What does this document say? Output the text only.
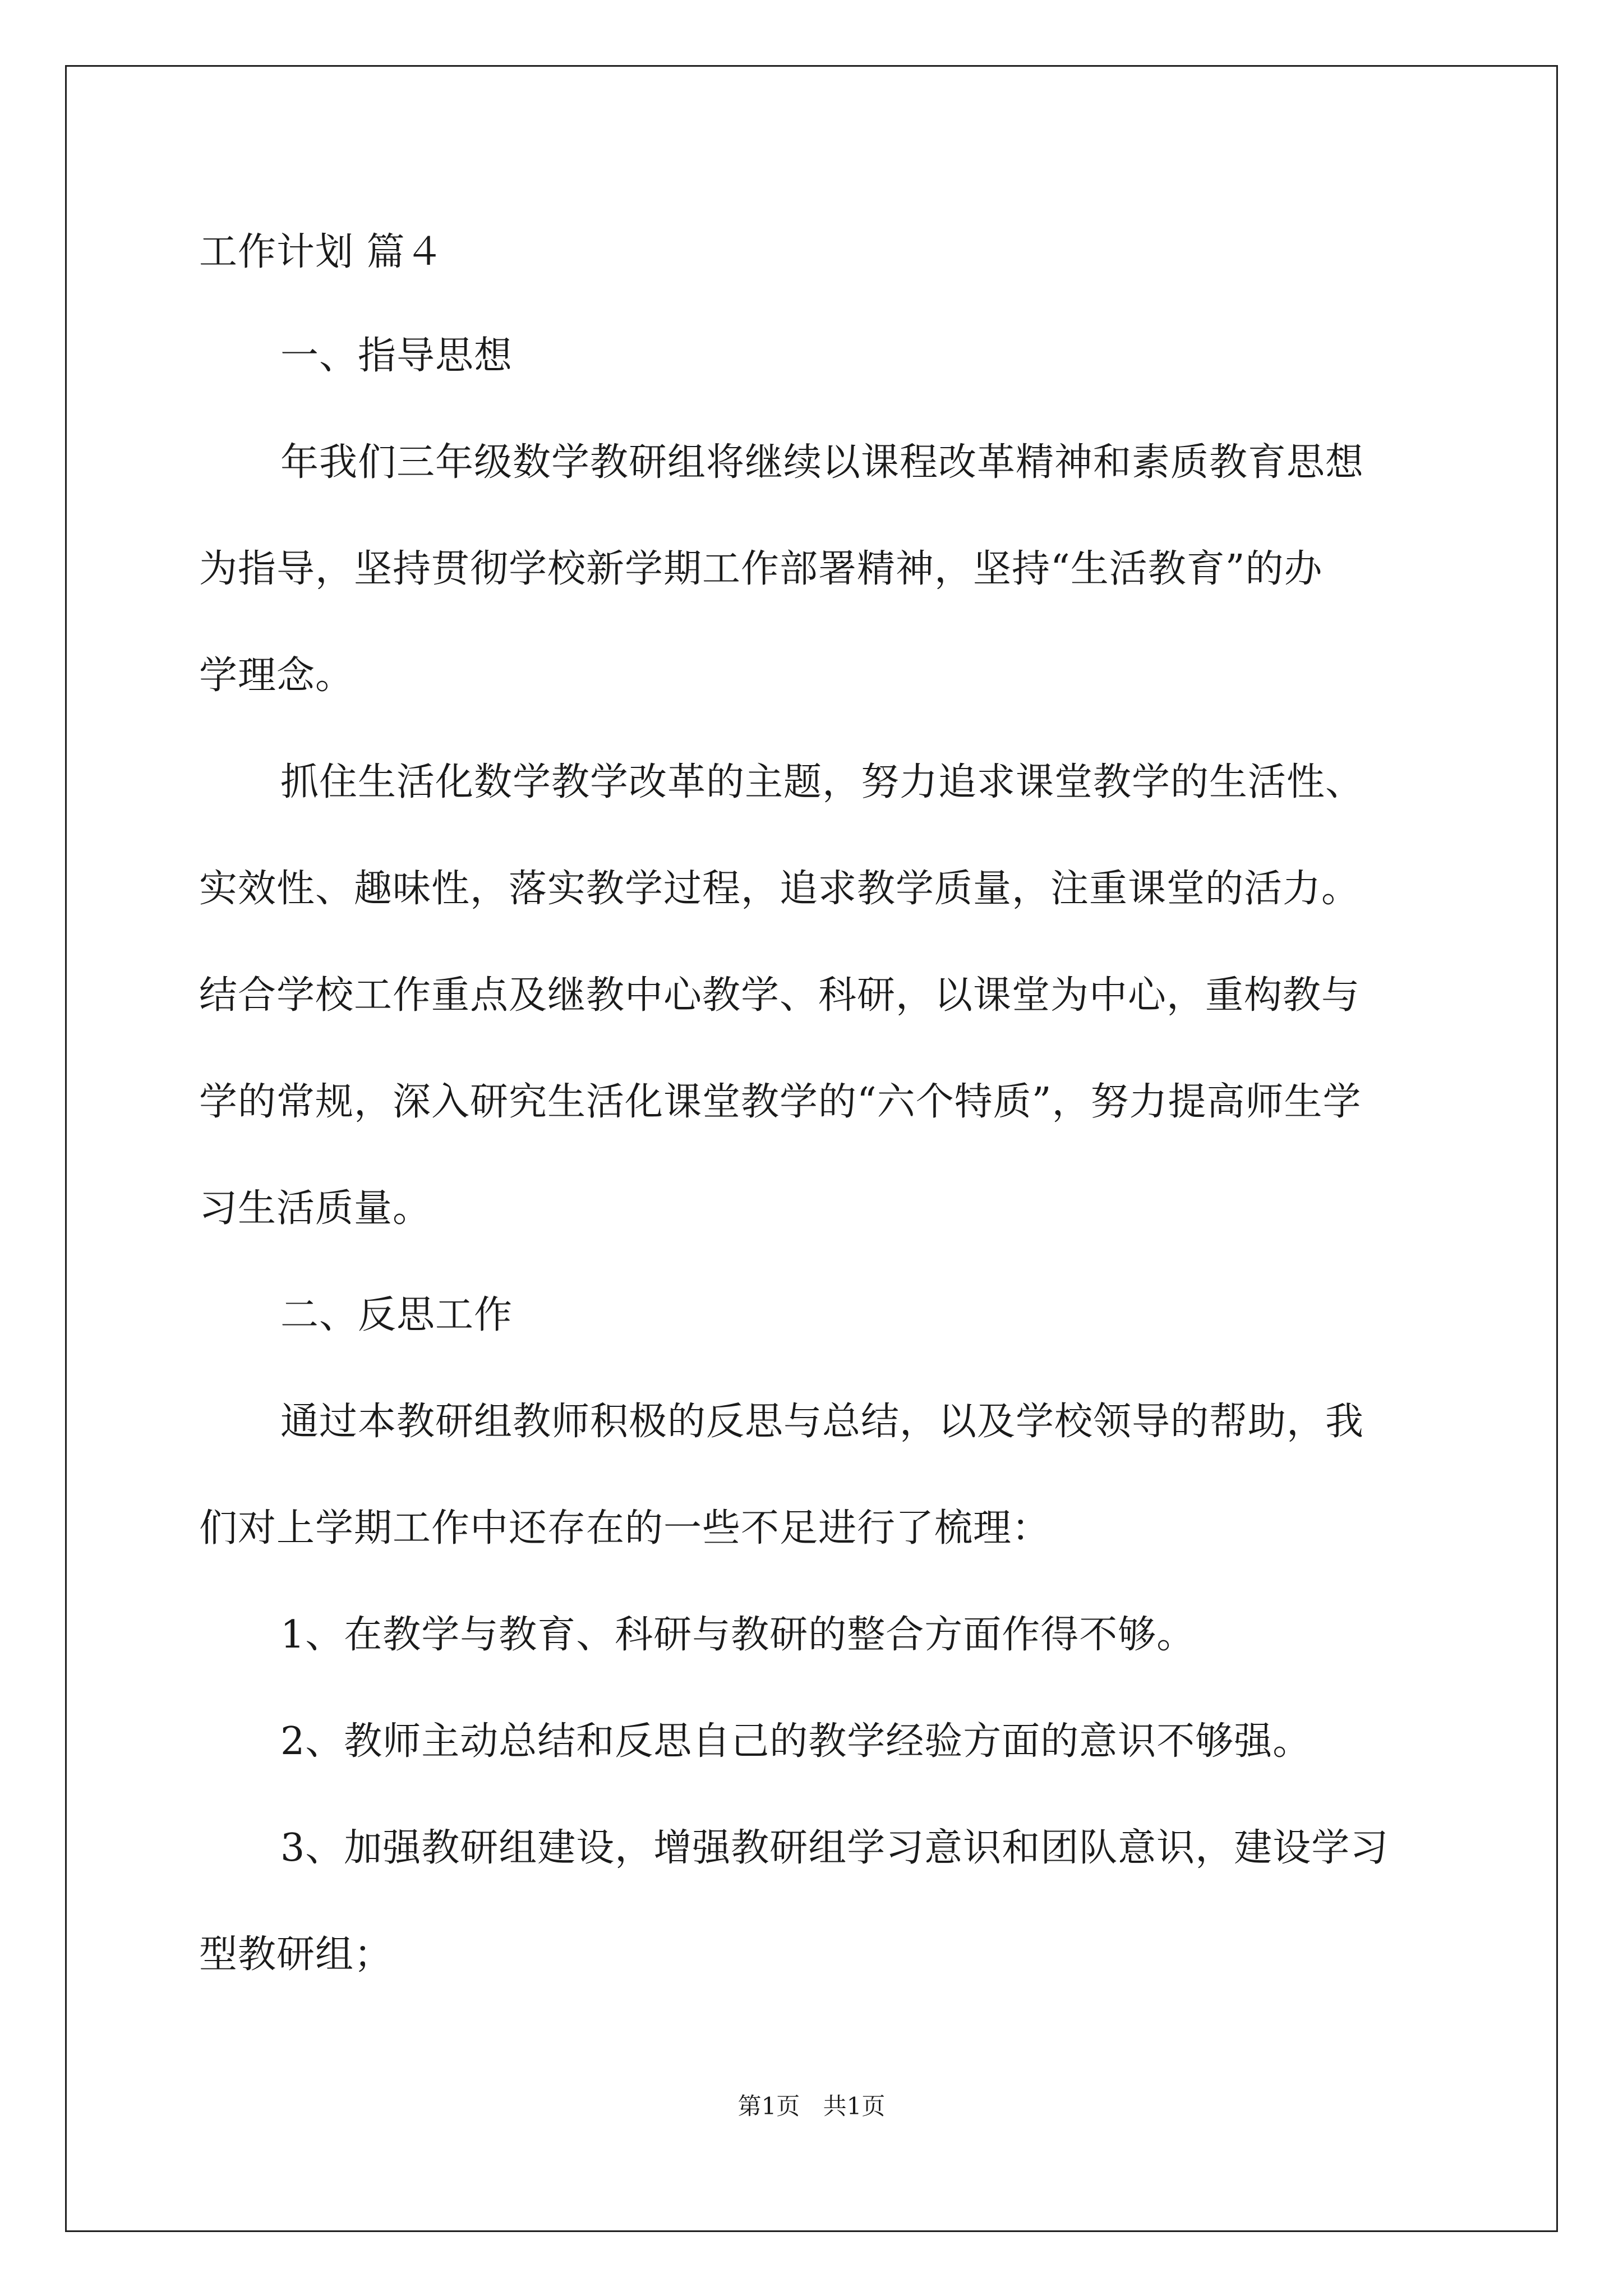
工作计划 篇４
一、指导思想
年我们三年级数学教研组将继续以课程改革精神和素质教育思想
为指导，坚持贯彻学校新学期工作部署精神，坚持“生活教育”的办
学理念。
抓住生活化数学教学改革的主题，努力追求课堂教学的生活性、
实效性、趣味性，落实教学过程，追求教学质量，注重课堂的活力。
结合学校工作重点及继教中心教学、科研，以课堂为中心，重构教与
学的常规，深入研究生活化课堂教学的“六个特质”，努力提高师生学
习生活质量。
二、反思工作
通过本教研组教师积极的反思与总结，以及学校领导的帮助，我
们对上学期工作中还存在的一些不足进行了梳理：
1、在教学与教育、科研与教研的整合方面作得不够。
2、教师主动总结和反思自己的教学经验方面的意识不够强。
3、加强教研组建设，增强教研组学习意识和团队意识，建设学习
型教研组；
第1页 共1页
